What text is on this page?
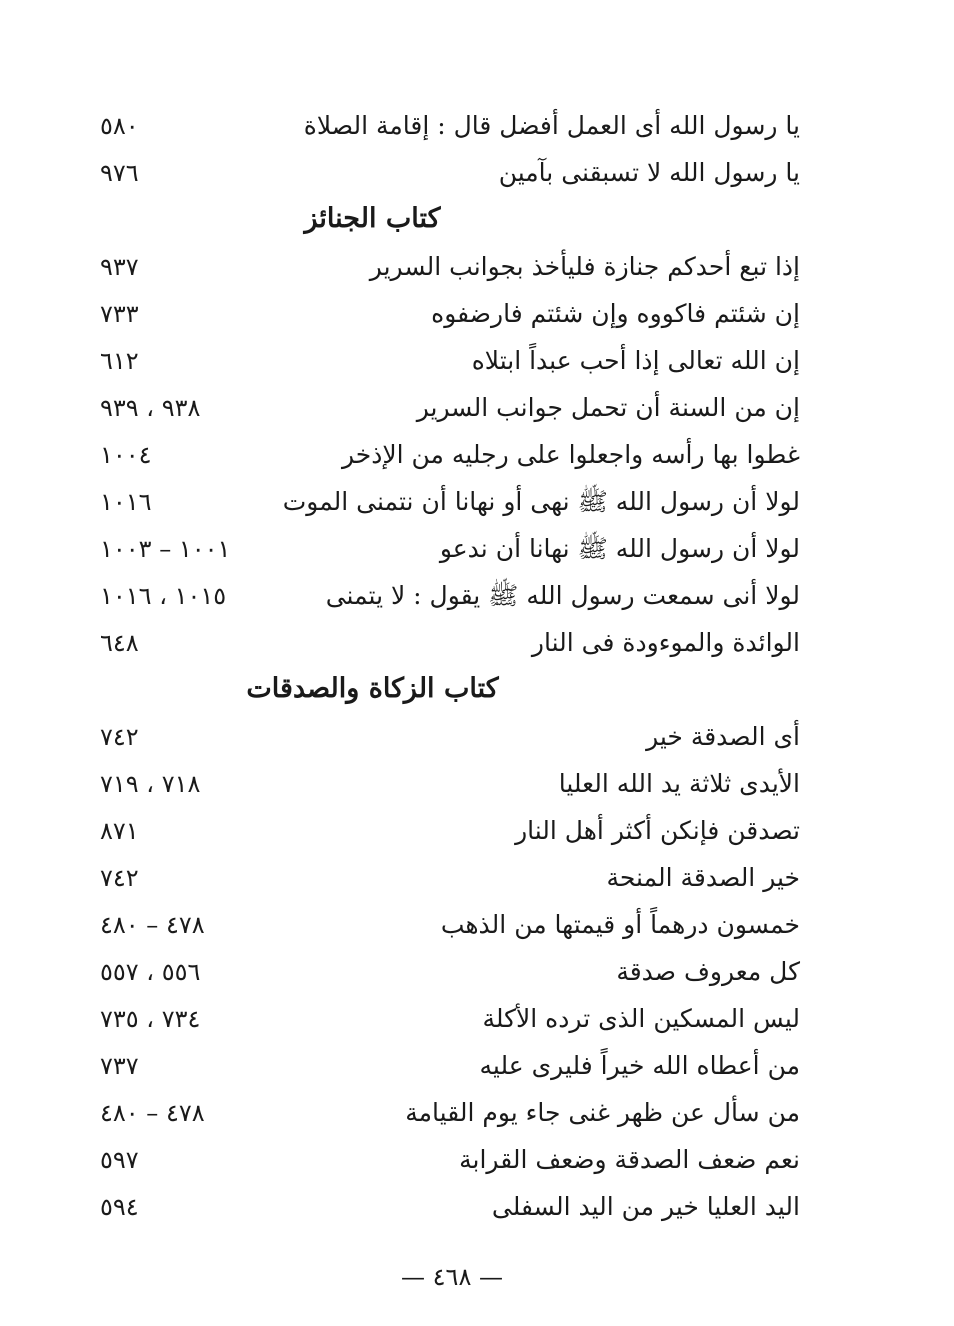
يا رسول الله أى العمل أفضل قال : إقامة الصلاة
٥٨٠
يا رسول الله لا تسبقنى بآمين
٩٧٦
كتاب الجنائز
إذا تبع أحدكم جنازة فليأخذ بجوانب السرير
٩٣٧
إن شئتم فاكووه وإن شئتم فارضفوه
٧٣٣
إن الله تعالى إذا أحب عبداً ابتلاه
٦١٢
إن من السنة أن تحمل جوانب السرير
٩٣٨ ، ٩٣٩
غطوا بها رأسه واجعلوا على رجليه من الإذخر
١٠٠٤
لولا أن رسول الله ﷺ نهى أو نهانا أن نتمنى الموت
١٠١٦
لولا أن رسول الله ﷺ نهانا أن ندعو
١٠٠١ – ١٠٠٣
لولا أنى سمعت رسول الله ﷺ يقول : لا يتمنى
١٠١٥ ، ١٠١٦
الوائدة والموءودة فى النار
٦٤٨
كتاب الزكاة والصدقات
أى الصدقة خير
٧٤٢
الأيدى ثلاثة يد الله العليا
٧١٨ ، ٧١٩
تصدقن فإنكن أكثر أهل النار
٨٧١
خير الصدقة المنحة
٧٤٢
خمسون درهماً أو قيمتها من الذهب
٤٧٨ – ٤٨٠
كل معروف صدقة
٥٥٦ ، ٥٥٧
ليس المسكين الذى ترده الأكلة
٧٣٤ ، ٧٣٥
من أعطاه الله خيراً فليرى عليه
٧٣٧
من سأل عن ظهر غنى جاء يوم القيامة
٤٧٨ – ٤٨٠
نعم ضعف الصدقة وضعف القرابة
٥٩٧
اليد العليا خير من اليد السفلى
٥٩٤
— ٤٦٨ —
